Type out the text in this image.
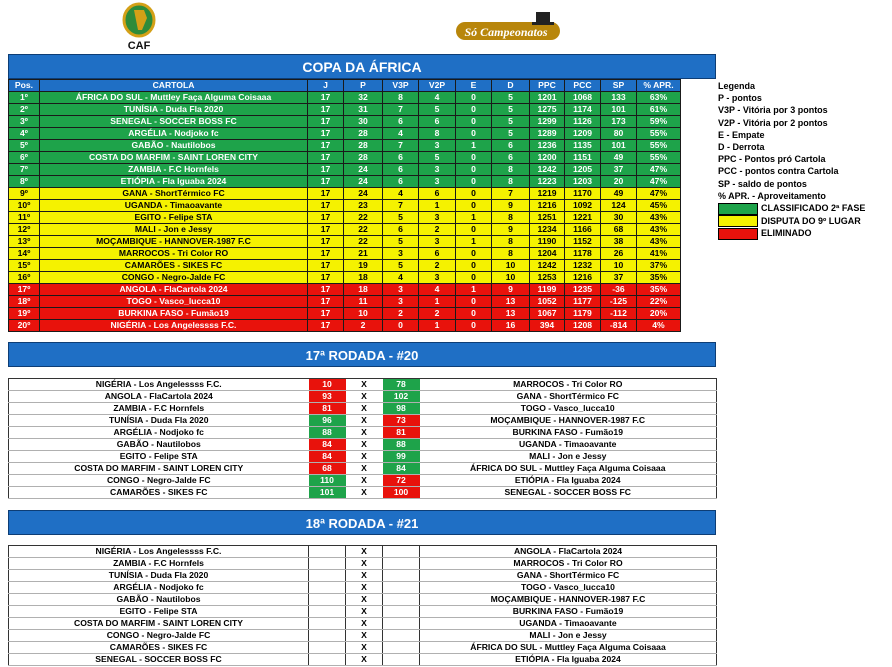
CAF
Só Campeonatos
COPA DA ÁFRICA
Pos.	CARTOLA	J	P	V3P	V2P	E	D	PPC	PCC	SP	% APR.
1º	ÁFRICA DO SUL - Muttley Faça Alguma Coisaaa	17	32	8	4	0	5	1201	1068	133	63%
2º	TUNÍSIA - Duda Fla 2020	17	31	7	5	0	5	1275	1174	101	61%
3º	SENEGAL - SOCCER BOSS FC	17	30	6	6	0	5	1299	1126	173	59%
4º	ARGÉLIA - Nodjoko fc	17	28	4	8	0	5	1289	1209	80	55%
5º	GABÃO - Nautilobos	17	28	7	3	1	6	1236	1135	101	55%
6º	COSTA DO MARFIM - SAINT LOREN CITY	17	28	6	5	0	6	1200	1151	49	55%
7º	ZAMBIA - F.C Hornfels	17	24	6	3	0	8	1242	1205	37	47%
8º	ETIÓPIA - Fla Iguaba 2024	17	24	6	3	0	8	1223	1203	20	47%
9º	GANA - ShortTérmico FC	17	24	4	6	0	7	1219	1170	49	47%
10º	UGANDA - Timaoavante	17	23	7	1	0	9	1216	1092	124	45%
11º	EGITO - Felipe STA	17	22	5	3	1	8	1251	1221	30	43%
12º	MALI - Jon e Jessy	17	22	6	2	0	9	1234	1166	68	43%
13º	MOÇAMBIQUE - HANNOVER-1987 F.C	17	22	5	3	1	8	1190	1152	38	43%
14º	MARROCOS - Tri Color RO	17	21	3	6	0	8	1204	1178	26	41%
15º	CAMARÕES - SIKES FC	17	19	5	2	0	10	1242	1232	10	37%
16º	CONGO - Negro-Jalde FC	17	18	4	3	0	10	1253	1216	37	35%
17º	ANGOLA - FlaCartola 2024	17	18	3	4	1	9	1199	1235	-36	35%
18º	TOGO - Vasco_lucca10	17	11	3	1	0	13	1052	1177	-125	22%
19º	BURKINA FASO - Fumão19	17	10	2	2	0	13	1067	1179	-112	20%
20º	NIGÉRIA - Los Angelessss F.C.	17	2	0	1	0	16	394	1208	-814	4%
Legenda
P - pontos
V3P - Vitória por 3 pontos
V2P - Vitória por 2 pontos
E - Empate
D - Derrota
PPC - Pontos pró Cartola
PCC - pontos contra Cartola
SP - saldo de pontos
% APR. - Aproveitamento
CLASSIFICADO 2ª FASE
DISPUTA DO 9º LUGAR
ELIMINADO
17ª RODADA - #20
NIGÉRIA - Los Angelessss F.C.	10	X	78	MARROCOS - Tri Color RO
ANGOLA - FlaCartola 2024	93	X	102	GANA - ShortTérmico FC
ZAMBIA - F.C Hornfels	81	X	98	TOGO - Vasco_lucca10
TUNÍSIA - Duda Fla 2020	96	X	73	MOÇAMBIQUE - HANNOVER-1987 F.C
ARGÉLIA - Nodjoko fc	88	X	81	BURKINA FASO - Fumão19
GABÃO - Nautilobos	84	X	88	UGANDA - Timaoavante
EGITO - Felipe STA	84	X	99	MALI - Jon e Jessy
COSTA DO MARFIM - SAINT LOREN CITY	68	X	84	ÁFRICA DO SUL - Muttley Faça Alguma Coisaaa
CONGO - Negro-Jalde FC	110	X	72	ETIÓPIA - Fla Iguaba 2024
CAMARÕES - SIKES FC	101	X	100	SENEGAL - SOCCER BOSS FC
18ª RODADA - #21
NIGÉRIA - Los Angelessss F.C.		X		ANGOLA - FlaCartola 2024
ZAMBIA - F.C Hornfels		X		MARROCOS - Tri Color RO
TUNÍSIA - Duda Fla 2020		X		GANA - ShortTérmico FC
ARGÉLIA - Nodjoko fc		X		TOGO - Vasco_lucca10
GABÃO - Nautilobos		X		MOÇAMBIQUE - HANNOVER-1987 F.C
EGITO - Felipe STA		X		BURKINA FASO - Fumão19
COSTA DO MARFIM - SAINT LOREN CITY		X		UGANDA - Timaoavante
CONGO - Negro-Jalde FC		X		MALI - Jon e Jessy
CAMARÕES - SIKES FC		X		ÁFRICA DO SUL - Muttley Faça Alguma Coisaaa
SENEGAL - SOCCER BOSS FC		X		ETIÓPIA - Fla Iguaba 2024
